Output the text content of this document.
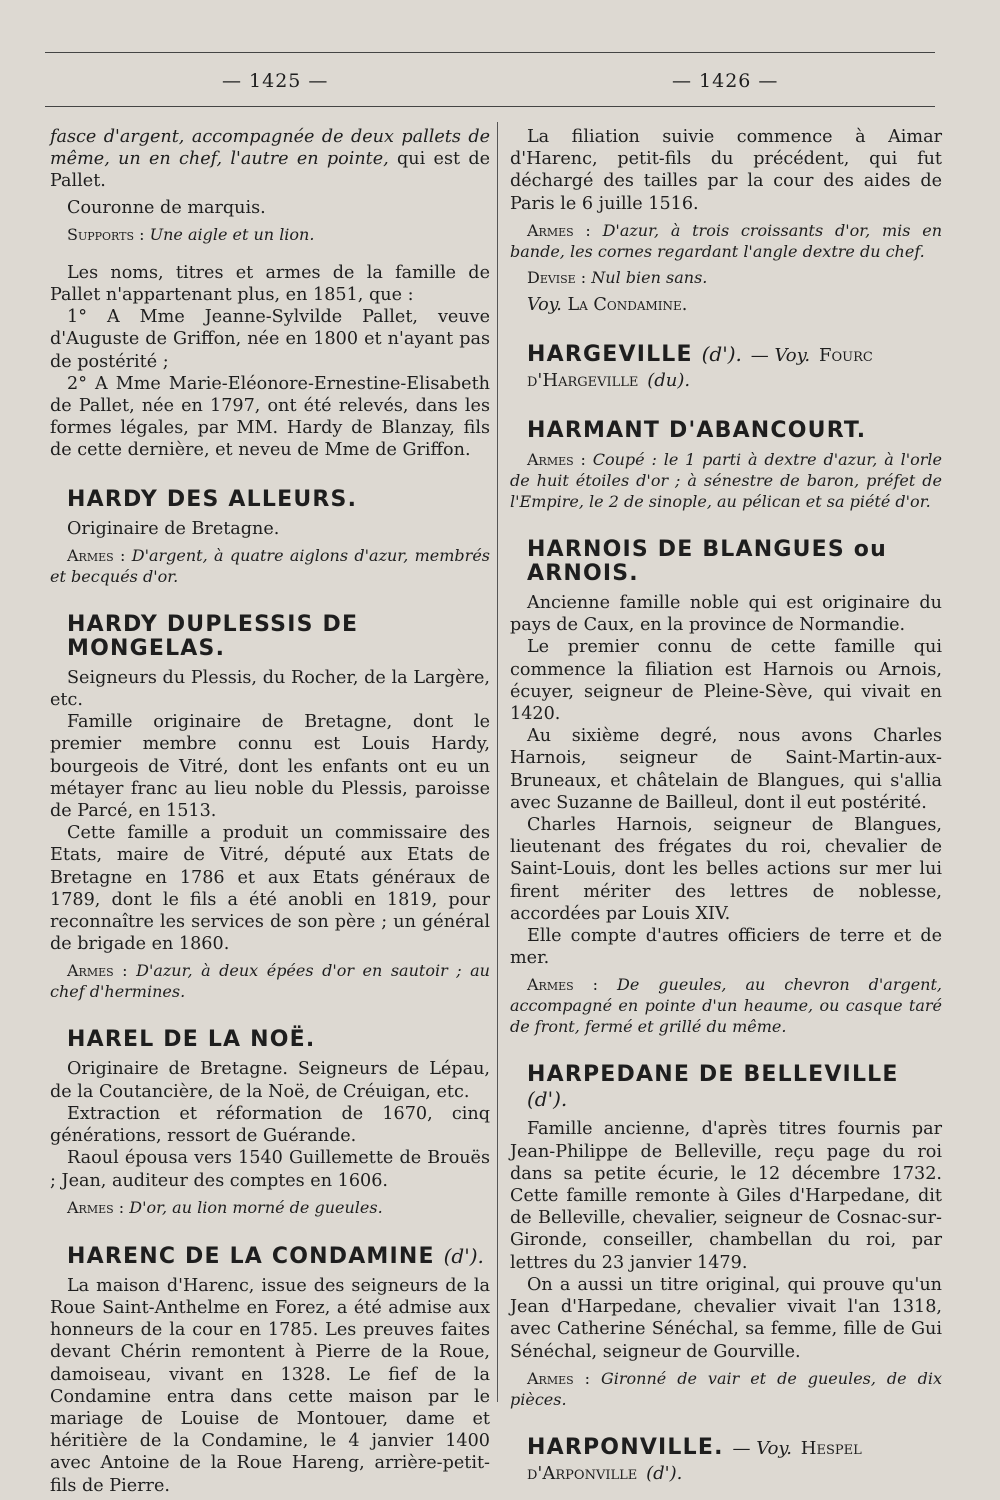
— 1425 —	— 1426 —

fasce d'argent, accompagnée de deux pallets de même, un en chef, l'autre en pointe, qui est de Pallet.

Couronne de marquis.

Supports : Une aigle et un lion.

Les noms, titres et armes de la famille de Pallet n'appartenant plus, en 1851, que :

1° A Mme Jeanne-Sylvilde Pallet, veuve d'Auguste de Griffon, née en 1800 et n'ayant pas de postérité ;

2° A Mme Marie-Eléonore-Ernestine-Elisabeth de Pallet, née en 1797, ont été relevés, dans les formes légales, par MM. Hardy de Blanzay, fils de cette dernière, et neveu de Mme de Griffon.

HARDY DES ALLEURS.

Originaire de Bretagne.

Armes : D'argent, à quatre aiglons d'azur, membrés et becqués d'or.

HARDY DUPLESSIS DE MONGELAS.

Seigneurs du Plessis, du Rocher, de la Largère, etc.

Famille originaire de Bretagne, dont le premier membre connu est Louis Hardy, bourgeois de Vitré, dont les enfants ont eu un métayer franc au lieu noble du Plessis, paroisse de Parcé, en 1513.

Cette famille a produit un commissaire des Etats, maire de Vitré, député aux Etats de Bretagne en 1786 et aux Etats généraux de 1789, dont le fils a été anobli en 1819, pour reconnaître les services de son père ; un général de brigade en 1860.

Armes : D'azur, à deux épées d'or en sautoir ; au chef d'hermines.

HAREL DE LA NOË.

Originaire de Bretagne. Seigneurs de Lépau, de la Coutancière, de la Noë, de Créuigan, etc.

Extraction et réformation de 1670, cinq générations, ressort de Guérande.

Raoul épousa vers 1540 Guillemette de Brouës ; Jean, auditeur des comptes en 1606.

Armes : D'or, au lion morné de gueules.

HARENC DE LA CONDAMINE (d').

La maison d'Harenc, issue des seigneurs de la Roue Saint-Anthelme en Forez, a été admise aux honneurs de la cour en 1785. Les preuves faites devant Chérin remontent à Pierre de la Roue, damoiseau, vivant en 1328. Le fief de la Condamine entra dans cette maison par le mariage de Louise de Montouer, dame et héritière de la Condamine, le 4 janvier 1400 avec Antoine de la Roue Hareng, arrière-petit-fils de Pierre.

La filiation suivie commence à Aimar d'Harenc, petit-fils du précédent, qui fut déchargé des tailles par la cour des aides de Paris le 6 juille 1516.

Armes : D'azur, à trois croissants d'or, mis en bande, les cornes regardant l'angle dextre du chef.

Devise : Nul bien sans.

Voy. La Condamine.

HARGEVILLE (d'). — Voy. Fourc d'Hargeville (du).
HARMANT D'ABANCOURT.

Armes : Coupé : le 1 parti à dextre d'azur, à l'orle de huit étoiles d'or ; à sénestre de baron, préfet de l'Empire, le 2 de sinople, au pélican et sa piété d'or.

HARNOIS DE BLANGUES ou ARNOIS.

Ancienne famille noble qui est originaire du pays de Caux, en la province de Normandie.

Le premier connu de cette famille qui commence la filiation est Harnois ou Arnois, écuyer, seigneur de Pleine-Sève, qui vivait en 1420.

Au sixième degré, nous avons Charles Harnois, seigneur de Saint-Martin-aux-Bruneaux, et châtelain de Blangues, qui s'allia avec Suzanne de Bailleul, dont il eut postérité.

Charles Harnois, seigneur de Blangues, lieutenant des frégates du roi, chevalier de Saint-Louis, dont les belles actions sur mer lui firent mériter des lettres de noblesse, accordées par Louis XIV.

Elle compte d'autres officiers de terre et de mer.

Armes : De gueules, au chevron d'argent, accompagné en pointe d'un heaume, ou casque taré de front, fermé et grillé du même.

HARPEDANE DE BELLEVILLE (d').

Famille ancienne, d'après titres fournis par Jean-Philippe de Belleville, reçu page du roi dans sa petite écurie, le 12 décembre 1732. Cette famille remonte à Giles d'Harpedane, dit de Belleville, chevalier, seigneur de Cosnac-sur-Gironde, conseiller, chambellan du roi, par lettres du 23 janvier 1479.

On a aussi un titre original, qui prouve qu'un Jean d'Harpedane, chevalier vivait l'an 1318, avec Catherine Sénéchal, sa femme, fille de Gui Sénéchal, seigneur de Gourville.

Armes : Gironné de vair et de gueules, de dix pièces.

HARPONVILLE. — Voy. Hespel d'Arponville (d').
